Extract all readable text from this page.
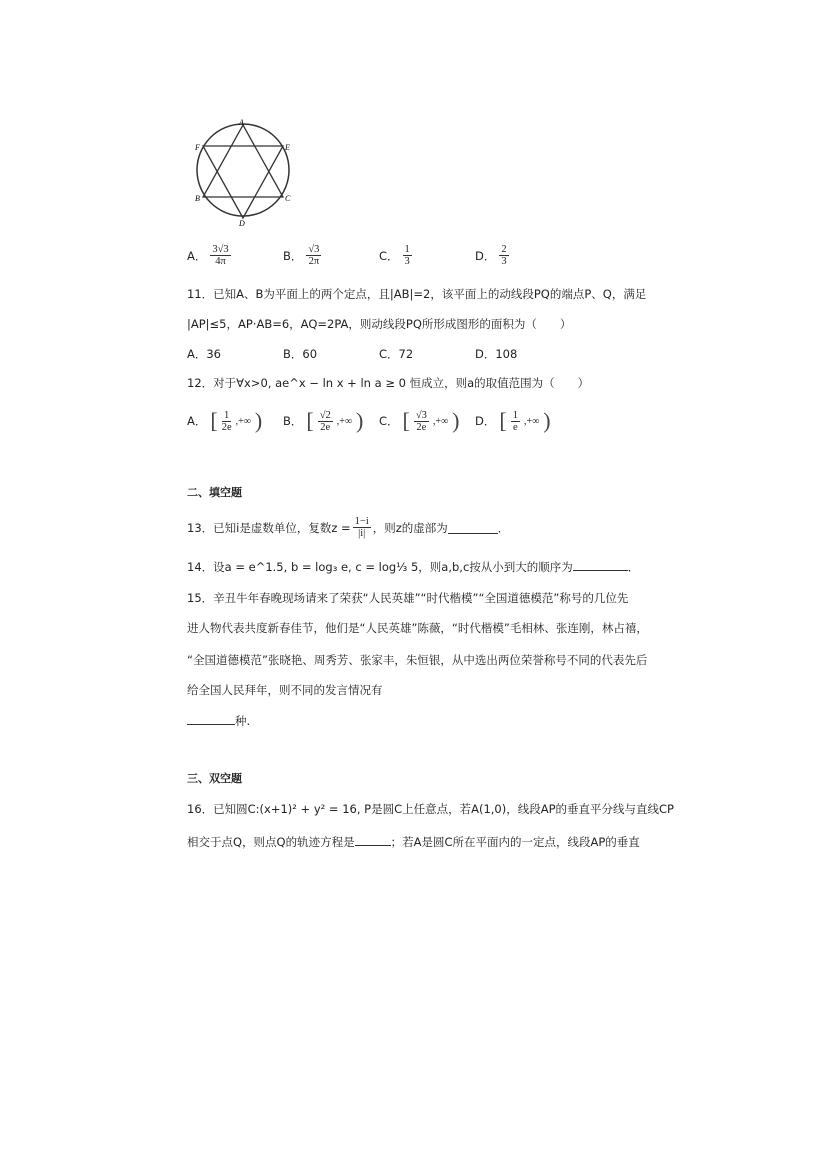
A
F	E
B	C
D
A． $\frac{3√3}{4\pi}$	B． $\frac{√3}{2\pi}$	C． $\frac{1}{3}$	D． $\frac{2}{3}$
11．已知A、B为平面上的两个定点，且|AB|=2，该平面上的动线段PQ的端点P、Q，满足
|AP|≤5，AP·AB=6，AQ=2PA，则动线段PQ所形成图形的面积为（　　）
A．36	B．60	C．72	D．108
12．对于∀x>0, ae^x − ln x + ln a ≥ 0 恒成立，则a的取值范围为（　　）
A． [ $\frac{1}{2e}$ ,+∞ ) B． [ $\frac{√2}{2e}$ ,+∞ ) C． [ $\frac{√3}{2e}$ ,+∞ ) D． [ $\frac{1}{e}$ ,+∞ )
二、填空题
13．已知i是虚数单位，复数$z = \frac{1-i}{|i|}$ ，则z的虚部为	．
14．设a = e^1.5, b = log₃ e, c = log⅓ 5，则a,b,c按从小到大的顺序为	．
15．辛丑牛年春晚现场请来了荣获“人民英雄”“时代楷模”“全国道德模范”称号的几位先
进人物代表共度新春佳节，他们是“人民英雄”陈薇，“时代楷模”毛相林、张连刚，林占禧，
“全国道德模范”张晓艳、周秀芳、张家丰，朱恒银，从中选出两位荣誉称号不同的代表先后
给全国人民拜年，则不同的发言情况有
种.
三、双空题
16．已知圆C:(x+1)² + y² = 16, P是圆C上任意点，若A(1,0)，线段AP的垂直平分线与直线CP
相交于点Q，则点Q的轨迹方程是	；若A是圆C所在平面内的一定点，线段AP的垂直
